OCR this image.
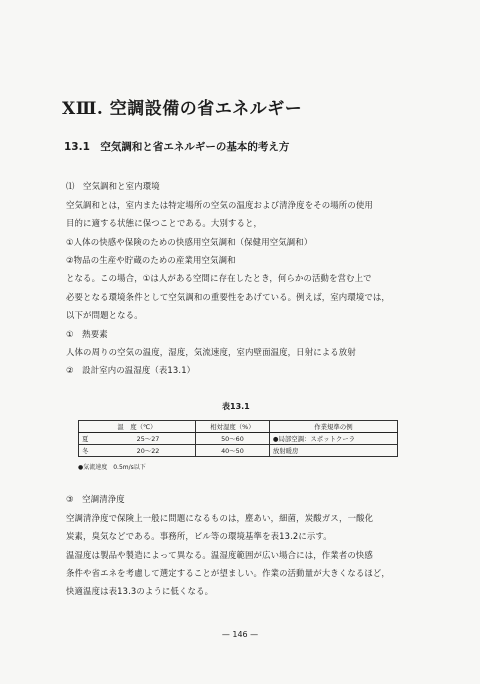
XⅢ. 空調設備の省エネルギー
13.1　空気調和と省エネルギーの基本的考え方
⑴　空気調和と室内環境
空気調和とは，室内または特定場所の空気の温度および清浄度をその場所の使用
目的に適する状態に保つことである。大別すると，
①人体の快感や保険のための快感用空気調和（保健用空気調和）
②物品の生産や貯蔵のための産業用空気調和
となる。この場合，①は人がある空間に存在したとき，何らかの活動を営む上で
必要となる環境条件として空気調和の重要性をあげている。例えば，室内環境では，
以下が問題となる。
①　熱要素
人体の周りの空気の温度，湿度，気流速度，室内壁面温度，日射による放射
②　設計室内の温湿度（表13.1）
表13.1
温　度（℃）		相対湿度（%）	作業規準の例
夏	25～27	50～60	●局部空調：スポットクーラ
冬	20～22	40～50	放射暖房
●気流速度　0.5m/s以下
③　空調清浄度
空調清浄度で保険上一般に問題になるものは，塵あい，細菌，炭酸ガス，一酸化
炭素，臭気などである。事務所，ビル等の環境基準を表13.2に示す。
温湿度は製品や製造によって異なる。温湿度範囲が広い場合には，作業者の快感
条件や省エネを考慮して選定することが望ましい。作業の活動量が大きくなるほど，
快適温度は表13.3のように低くなる。
— 146 —
